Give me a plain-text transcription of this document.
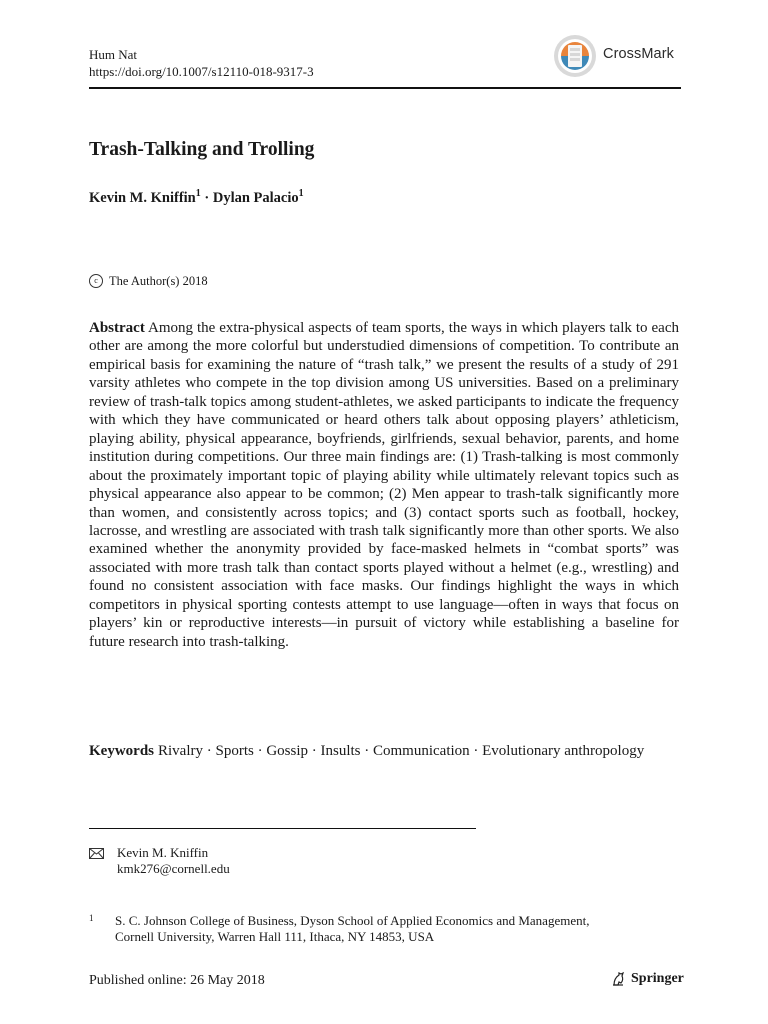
Hum Nat
https://doi.org/10.1007/s12110-018-9317-3
CrossMark
Trash-Talking and Trolling
Kevin M. Kniffin$^1$ · Dylan Palacio$^1$
c The Author(s) 2018
Abstract Among the extra-physical aspects of team sports, the ways in which players talk to each other are among the more colorful but understudied dimensions of competition. To contribute an empirical basis for examining the nature of “trash talk,” we present the results of a study of 291 varsity athletes who compete in the top division among US universities. Based on a preliminary review of trash-talk topics among student-athletes, we asked participants to indicate the frequency with which they have communicated or heard others talk about opposing players’ athleticism, playing ability, physical appearance, boyfriends, girlfriends, sexual behavior, parents, and home institution during competitions. Our three main findings are: (1) Trash-talking is most commonly about the proximately important topic of playing ability while ultimately relevant topics such as physical appearance also appear to be common; (2) Men appear to trash-talk significantly more than women, and consistently across topics; and (3) contact sports such as football, hockey, lacrosse, and wrestling are associated with trash talk significantly more than other sports. We also examined whether the anonymity provided by face-masked helmets in “combat sports” was associated with more trash talk than contact sports played without a helmet (e.g., wrestling) and found no consistent association with face masks. Our findings highlight the ways in which competitors in physical sporting contests attempt to use language—often in ways that focus on players’ kin or reproductive interests—in pursuit of victory while establishing a baseline for future research into trash-talking.
Keywords Rivalry · Sports · Gossip · Insults · Communication · Evolutionary anthropology
Kevin M. Kniffin
kmk276@cornell.edu
1 S. C. Johnson College of Business, Dyson School of Applied Economics and Management,
Cornell University, Warren Hall 111, Ithaca, NY 14853, USA
Published online: 26 May 2018	Springer
